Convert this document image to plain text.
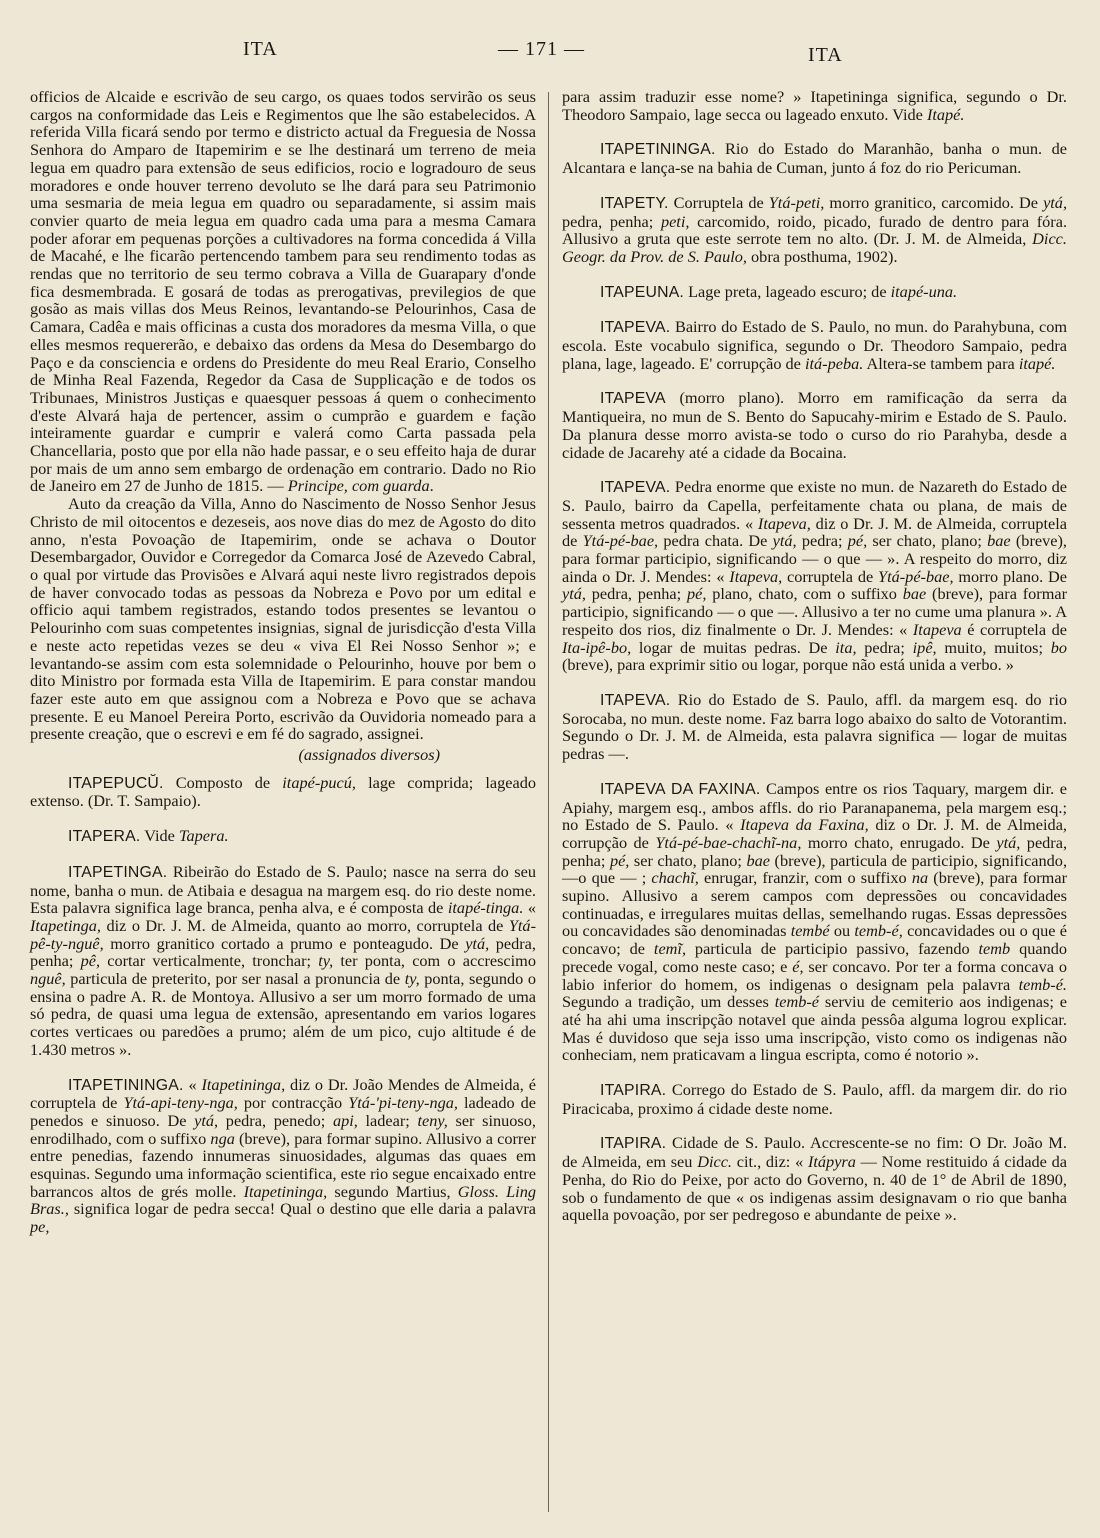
ITA	— 171 —	ITA

officios de Alcaide e escrivão de seu cargo, os quaes todos servirão os seus cargos na conformidade das Leis e Regimentos que lhe são estabelecidos. A referida Villa ficará sendo por termo e districto actual da Freguesia de Nossa Senhora do Amparo de Itapemirim e se lhe destinará um terreno de meia legua em quadro para extensão de seus edificios, rocio e logradouro de seus moradores e onde houver terreno devoluto se lhe dará para seu Patrimonio uma sesmaria de meia legua em quadro ou separadamente, si assim mais convier quarto de meia legua em quadro cada uma para a mesma Camara poder aforar em pequenas porções a cultivadores na forma concedida á Villa de Macahé, e lhe ficarão pertencendo tambem para seu rendimento todas as rendas que no territorio de seu termo cobrava a Villa de Guarapary d'onde fica desmembrada. E gosará de todas as prerogativas, previlegios de que gosão as mais villas dos Meus Reinos, levantando-se Pelourinhos, Casa de Camara, Cadêa e mais officinas a custa dos moradores da mesma Villa, o que elles mesmos requererão, e debaixo das ordens da Mesa do Desembargo do Paço e da consciencia e ordens do Presidente do meu Real Erario, Conselho de Minha Real Fazenda, Regedor da Casa de Supplicação e de todos os Tribunaes, Ministros Justiças e quaesquer pessoas á quem o conhecimento d'este Alvará haja de pertencer, assim o cumprão e guardem e fação inteiramente guardar e cumprir e valerá como Carta passada pela Chancellaria, posto que por ella não hade passar, e o seu effeito haja de durar por mais de um anno sem embargo de ordenação em contrario. Dado no Rio de Janeiro em 27 de Junho de 1815. — Principe, com guarda.

Auto da creação da Villa, Anno do Nascimento de Nosso Senhor Jesus Christo de mil oitocentos e dezeseis, aos nove dias do mez de Agosto do dito anno, n'esta Povoação de Itapemirim, onde se achava o Doutor Desembargador, Ouvidor e Corregedor da Comarca José de Azevedo Cabral, o qual por virtude das Provisões e Alvará aqui neste livro registrados depois de haver convocado todas as pessoas da Nobreza e Povo por um edital e officio aqui tambem registrados, estando todos presentes se levantou o Pelourinho com suas competentes insignias, signal de jurisdicção d'esta Villa e neste acto repetidas vezes se deu « viva El Rei Nosso Senhor »; e levantando-se assim com esta solemnidade o Pelourinho, houve por bem o dito Ministro por formada esta Villa de Itapemirim. E para constar mandou fazer este auto em que assignou com a Nobreza e Povo que se achava presente. E eu Manoel Pereira Porto, escrivão da Ouvidoria nomeado para a presente creação, que o escrevi e em fé do sagrado, assignei.

(assignados diversos)

ITAPEPUCŬ. Composto de itapé-pucú, lage comprida; lageado extenso. (Dr. T. Sampaio).

ITAPERA. Vide Tapera.

ITAPETINGA. Ribeirão do Estado de S. Paulo; nasce na serra do seu nome, banha o mun. de Atibaia e desagua na margem esq. do rio deste nome. Esta palavra significa lage branca, penha alva, e é composta de itapé-tinga. « Itapetinga, diz o Dr. J. M. de Almeida, quanto ao morro, corruptela de Ytá-pê-ty-nguê, morro granitico cortado a prumo e ponteagudo. De ytá, pedra, penha; pê, cortar verticalmente, tronchar; ty, ter ponta, com o accrescimo nguê, particula de preterito, por ser nasal a pronuncia de ty, ponta, segundo o ensina o padre A. R. de Montoya. Allusivo a ser um morro formado de uma só pedra, de quasi uma legua de extensão, apresentando em varios logares cortes verticaes ou paredões a prumo; além de um pico, cujo altitude é de 1.430 metros ».

ITAPETININGA. « Itapetininga, diz o Dr. João Mendes de Almeida, é corruptela de Ytá-api-teny-nga, por contracção Ytá-'pi-teny-nga, ladeado de penedos e sinuoso. De ytá, pedra, penedo; api, ladear; teny, ser sinuoso, enrodilhado, com o suffixo nga (breve), para formar supino. Allusivo a correr entre penedias, fazendo innumeras sinuosidades, algumas das quaes em esquinas. Segundo uma informação scientifica, este rio segue encaixado entre barrancos altos de grés molle. Itapetininga, segundo Martius, Gloss. Ling Bras., significa logar de pedra secca! Qual o destino que elle daria a palavra pe,

para assim traduzir esse nome? » Itapetininga significa, segundo o Dr. Theodoro Sampaio, lage secca ou lageado enxuto. Vide Itapé.

ITAPETININGA. Rio do Estado do Maranhão, banha o mun. de Alcantara e lança-se na bahia de Cuman, junto á foz do rio Pericuman.

ITAPETY. Corruptela de Ytá-peti, morro granitico, carcomido. De ytá, pedra, penha; peti, carcomido, roido, picado, furado de dentro para fóra. Allusivo a gruta que este serrote tem no alto. (Dr. J. M. de Almeida, Dicc. Geogr. da Prov. de S. Paulo, obra posthuma, 1902).

ITAPEUNA. Lage preta, lageado escuro; de itapé-una.

ITAPEVA. Bairro do Estado de S. Paulo, no mun. do Parahybuna, com escola. Este vocabulo significa, segundo o Dr. Theodoro Sampaio, pedra plana, lage, lageado. E' corrupção de itá-peba. Altera-se tambem para itapé.

ITAPEVA (morro plano). Morro em ramificação da serra da Mantiqueira, no mun de S. Bento do Sapucahy-mirim e Estado de S. Paulo. Da planura desse morro avista-se todo o curso do rio Parahyba, desde a cidade de Jacarehy até a cidade da Bocaina.

ITAPEVA. Pedra enorme que existe no mun. de Nazareth do Estado de S. Paulo, bairro da Capella, perfeitamente chata ou plana, de mais de sessenta metros quadrados. « Itapeva, diz o Dr. J. M. de Almeida, corruptela de Ytá-pé-bae, pedra chata. De ytá, pedra; pé, ser chato, plano; bae (breve), para formar participio, significando — o que — ». A respeito do morro, diz ainda o Dr. J. Mendes: « Itapeva, corruptela de Ytá-pé-bae, morro plano. De ytá, pedra, penha; pé, plano, chato, com o suffixo bae (breve), para formar participio, significando — o que —. Allusivo a ter no cume uma planura ». A respeito dos rios, diz finalmente o Dr. J. Mendes: « Itapeva é corruptela de Ita-ipê-bo, logar de muitas pedras. De ita, pedra; ipê, muito, muitos; bo (breve), para exprimir sitio ou logar, porque não está unida a verbo. »

ITAPEVA. Rio do Estado de S. Paulo, affl. da margem esq. do rio Sorocaba, no mun. deste nome. Faz barra logo abaixo do salto de Votorantim. Segundo o Dr. J. M. de Almeida, esta palavra significa — logar de muitas pedras —.

ITAPEVA DA FAXINA. Campos entre os rios Taquary, margem dir. e Apiahy, margem esq., ambos affls. do rio Paranapanema, pela margem esq.; no Estado de S. Paulo. « Itapeva da Faxina, diz o Dr. J. M. de Almeida, corrupção de Ytá-pé-bae-chachĩ-na, morro chato, enrugado. De ytá, pedra, penha; pé, ser chato, plano; bae (breve), particula de participio, significando, —o que — ; chachĩ, enrugar, franzir, com o suffixo na (breve), para formar supino. Allusivo a serem campos com depressões ou concavidades continuadas, e irregulares muitas dellas, semelhando rugas. Essas depressões ou concavidades são denominadas tembé ou temb-é, concavidades ou o que é concavo; de temĩ, particula de participio passivo, fazendo temb quando precede vogal, como neste caso; e é, ser concavo. Por ter a forma concava o labio inferior do homem, os indigenas o designam pela palavra temb-é. Segundo a tradição, um desses temb-é serviu de cemiterio aos indigenas; e até ha ahi uma inscripção notavel que ainda pessôa alguma logrou explicar. Mas é duvidoso que seja isso uma inscripção, visto como os indigenas não conheciam, nem praticavam a lingua escripta, como é notorio ».

ITAPIRA. Corrego do Estado de S. Paulo, affl. da margem dir. do rio Piracicaba, proximo á cidade deste nome.

ITAPIRA. Cidade de S. Paulo. Accrescente-se no fim: O Dr. João M. de Almeida, em seu Dicc. cit., diz: « Itápyra — Nome restituido á cidade da Penha, do Rio do Peixe, por acto do Governo, n. 40 de 1° de Abril de 1890, sob o fundamento de que « os indigenas assim designavam o rio que banha aquella povoação, por ser pedregoso e abundante de peixe ».
